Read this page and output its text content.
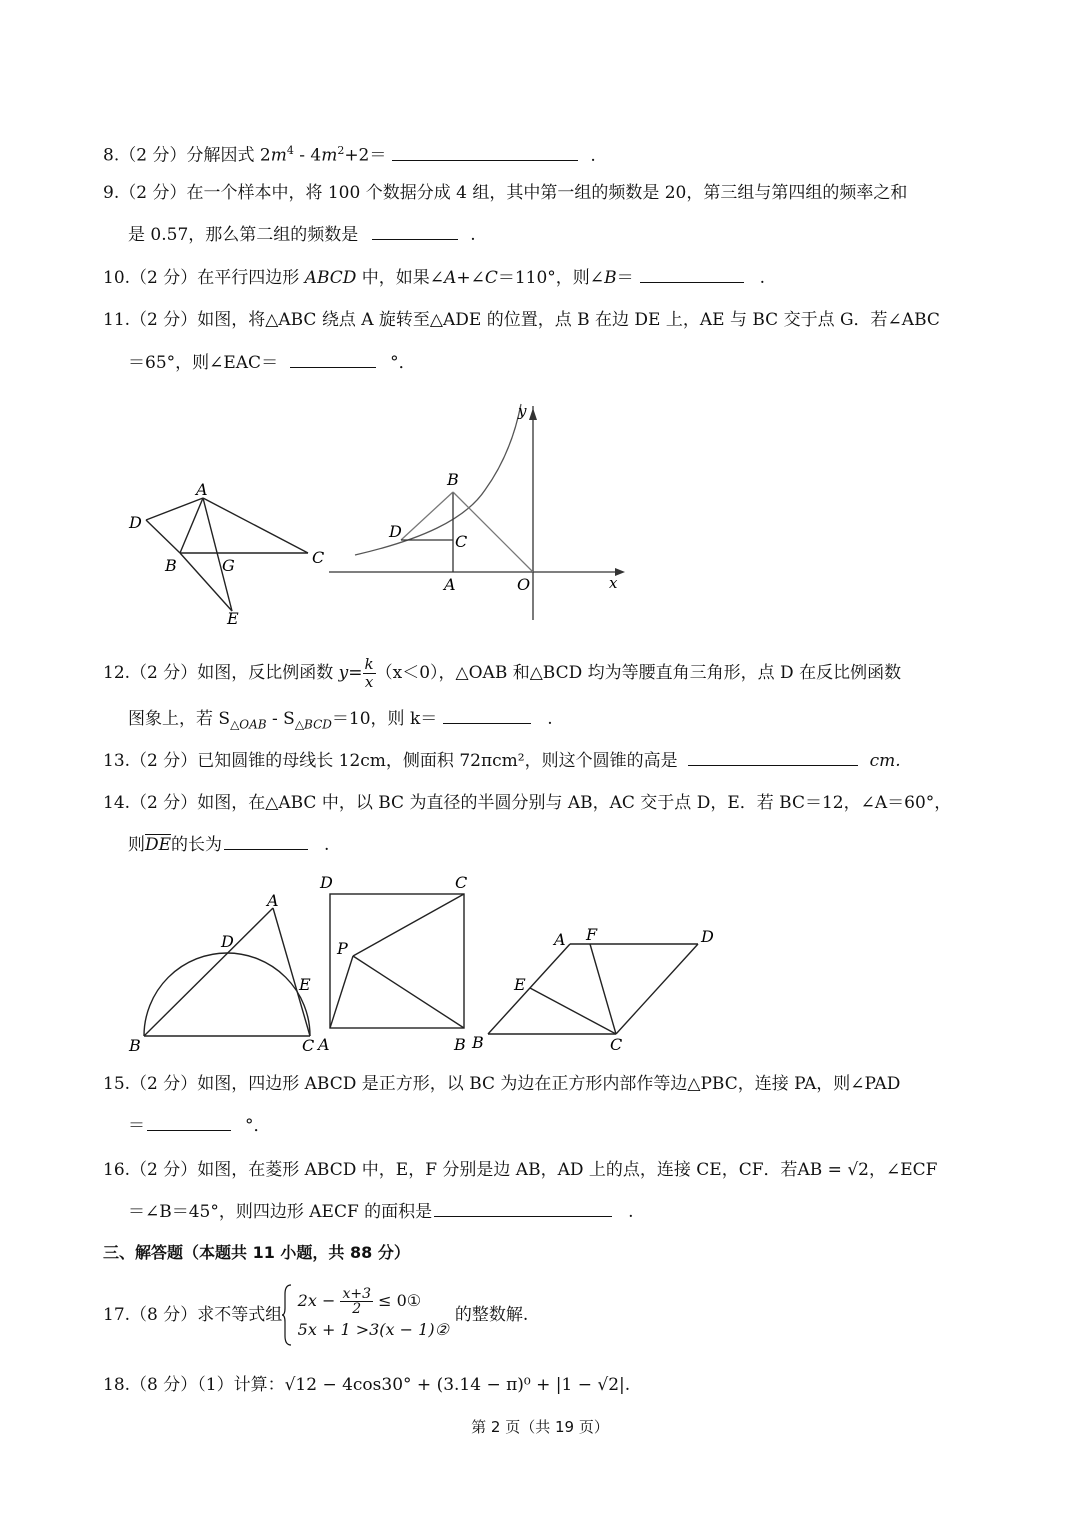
8.（2 分）分解因式 $2m^4 - 4m^2+2=$	.
9.（2 分）在一个样本中，将 100 个数据分成 4 组，其中第一组的频数是 20，第三组与第四组的频率之和
是 0.57，那么第二组的频数是	.
10.（2 分）在平行四边形 ABCD 中，如果∠A+∠C＝110°，则∠B＝	.
11.（2 分）如图，将△ABC 绕点 A 旋转至△ADE 的位置，点 B 在边 DE 上，AE 与 BC 交于点 G．若∠ABC
＝65°，则∠EAC＝	°．
A
D
B	G	C
E
B
C
D
A	O	x
y
12.（2 分）如图，反比例函数 $y= \frac{k}{x} (x<0)$，△OAB 和△BCD 均为等腰直角三角形，点 D 在反比例函数
图象上，若 $S_{\triangle OAB} - S_{\triangle BCD}=10$，则 k＝	.
13.（2 分）已知圆锥的母线长 12cm，侧面积 72πcm²，则这个圆锥的高是	cm.
14.（2 分）如图，在△ABC 中，以 BC 为直径的半圆分别与 AB，AC 交于点 D，E．若 BC＝12，∠A＝60°，
则$\overline{DE}$的长为	.
A
D
E
B	C
D	C
P
A	B
A F	D
E
B	C
15.（2 分）如图，四边形 ABCD 是正方形，以 BC 为边在正方形内部作等边△PBC，连接 PA，则∠PAD
＝	°．
16.（2 分）如图，在菱形 ABCD 中，E，F 分别是边 AB，AD 上的点，连接 CE，CF．若AB = √2，∠ECF
＝∠B＝45°，则四边形 AECF 的面积是	.
三、解答题（本题共 11 小题，共 88 分）
17.（8 分）求不等式组
$2x - \frac{x+3}{2}$ ≤ 0①
5x + 1 >3(x − 1)②
的整数解.
18.（8 分）（1）计算：√12 − 4cos30° + (3.14 − π)⁰ + |1 − √2|.
第 2 页（共 19 页）
